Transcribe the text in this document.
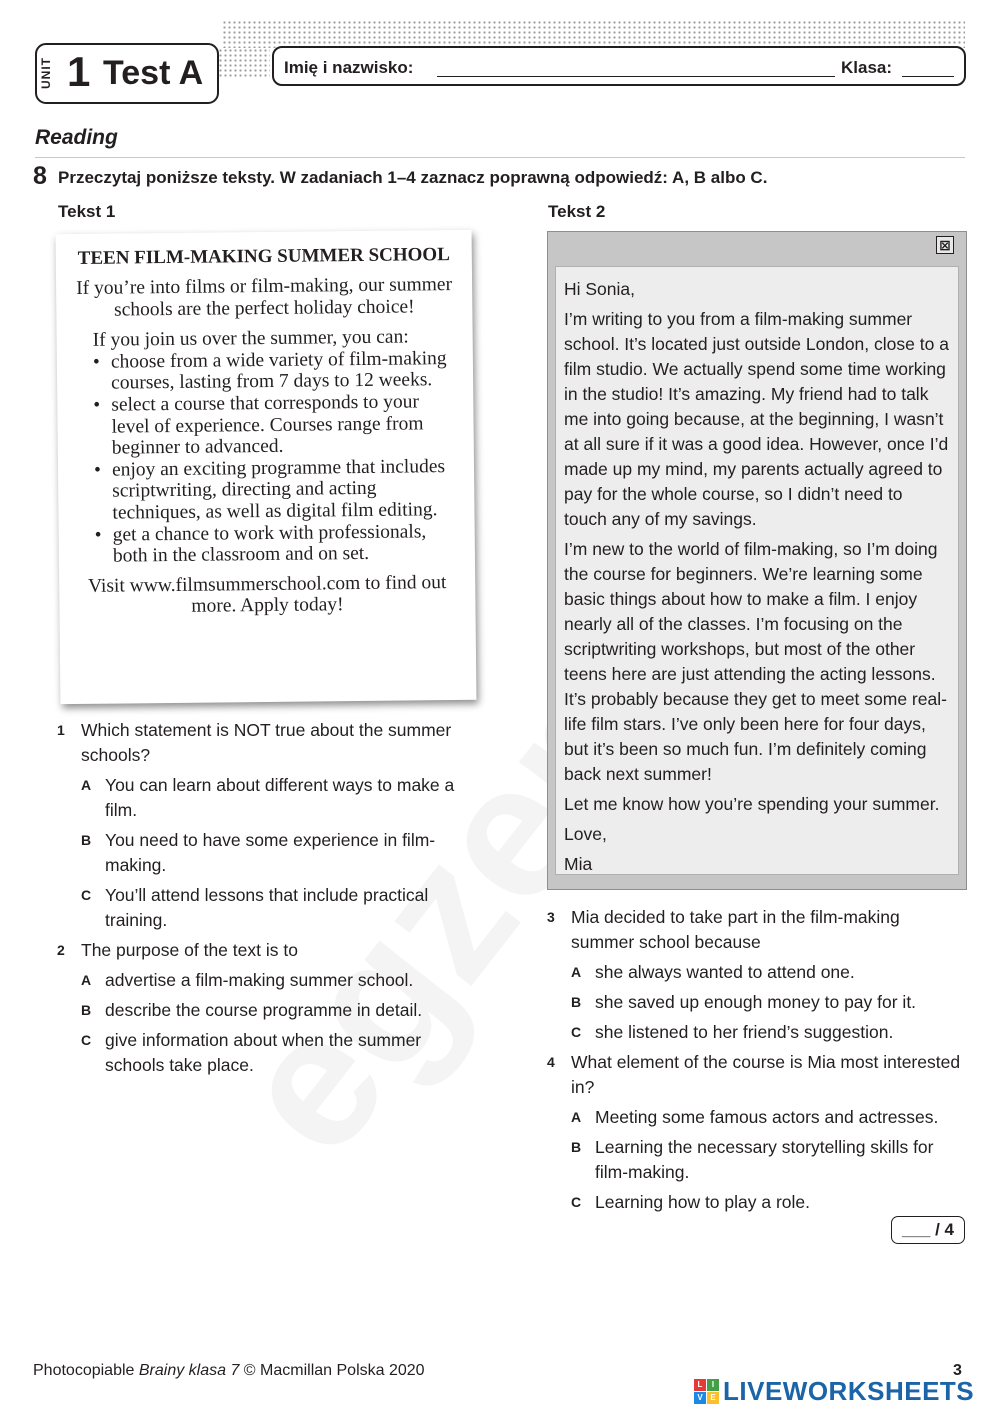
UNIT 1 Test A	Imię i nazwisko:	Klasa:
Reading
8 Przeczytaj poniższe teksty. W zadaniach 1–4 zaznacz poprawną odpowiedź: A, B albo C.
Tekst 1	Tekst 2
TEEN FILM-MAKING SUMMER SCHOOL
If you’re into films or film-making, our summer schools are the perfect holiday choice!
If you join us over the summer, you can:
• choose from a wide variety of film-making courses, lasting from 7 days to 12 weeks.
• select a course that corresponds to your level of experience. Courses range from beginner to advanced.
• enjoy an exciting programme that includes scriptwriting, directing and acting techniques, as well as digital film editing.
• get a chance to work with professionals, both in the classroom and on set.
Visit www.filmsummerschool.com to find out more. Apply today!
⊠

Hi Sonia,

I’m writing to you from a film-making summer school. It’s located just outside London, close to a film studio. We actually spend some time working in the studio! It’s amazing. My friend had to talk me into going because, at the beginning, I wasn’t at all sure if it was a good idea. However, once I’d made up my mind, my parents actually agreed to pay for the whole course, so I didn’t need to touch any of my savings.

I’m new to the world of film-making, so I’m doing the course for beginners. We’re learning some basic things about how to make a film. I enjoy nearly all of the classes. I’m focusing on the scriptwriting workshops, but most of the other teens here are just attending the acting lessons. It’s probably because they get to meet some real-life film stars. I’ve only been here for four days, but it’s been so much fun. I’m definitely coming back next summer!

Let me know how you’re spending your summer.

Love,

Mia

1 Which statement is NOT true about the summer schools?
A You can learn about different ways to make a film.
B You need to have some experience in film-making.
C You’ll attend lessons that include practical training.
2 The purpose of the text is to
A advertise a film-making summer school.
B describe the course programme in detail.
C give information about when the summer schools take place.
3 Mia decided to take part in the film-making summer school because
A she always wanted to attend one.
B she saved up enough money to pay for it.
C she listened to her friend’s suggestion.
4 What element of the course is Mia most interested in?
A Meeting some famous actors and actresses.
B Learning the necessary storytelling skills for film-making.
C Learning how to play a role.
___ / 4
Photocopiable Brainy klasa 7 © Macmillan Polska 2020	3
L	I
V E LIVEWORKSHEETS
